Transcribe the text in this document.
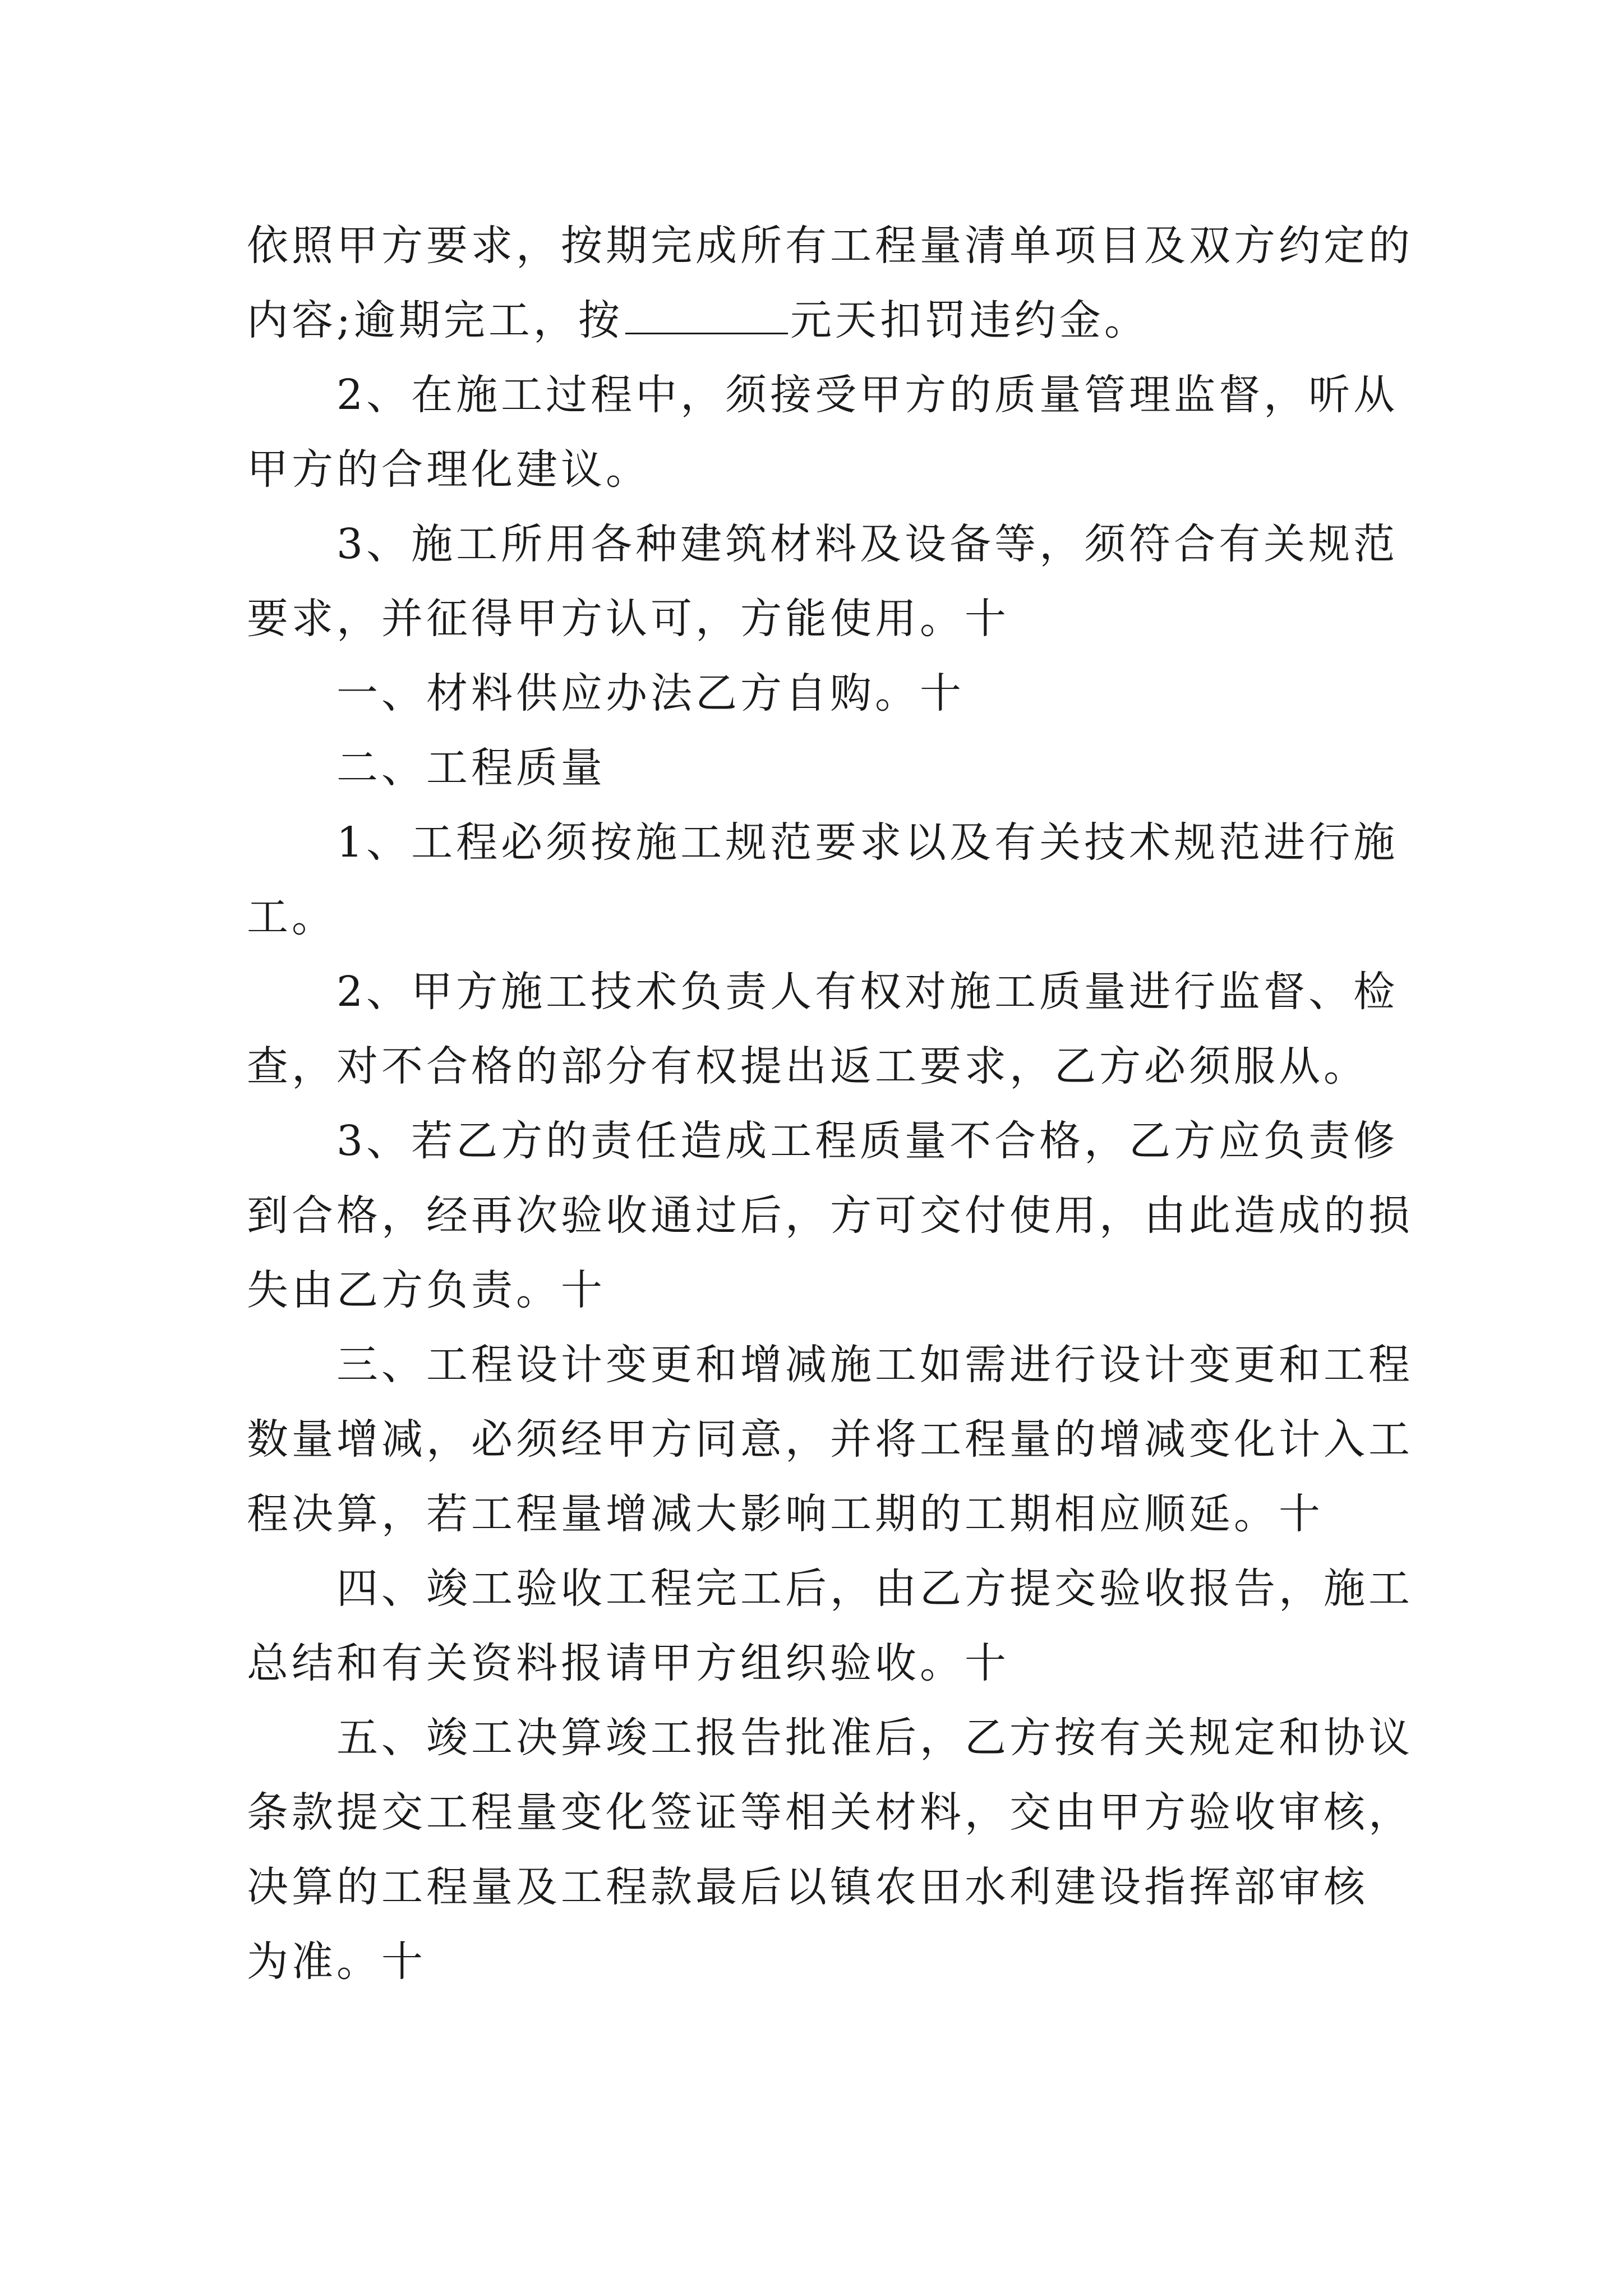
依照甲方要求，按期完成所有工程量清单项目及双方约定的
内容;逾期完工，按	元天扣罚违约金。

2、在施工过程中，须接受甲方的质量管理监督，听从
甲方的合理化建议。

3、施工所用各种建筑材料及设备等，须符合有关规范
要求，并征得甲方认可，方能使用。十

一、材料供应办法乙方自购。十

二、工程质量

1、工程必须按施工规范要求以及有关技术规范进行施
工。

2、甲方施工技术负责人有权对施工质量进行监督、检
查，对不合格的部分有权提出返工要求，乙方必须服从。

3、若乙方的责任造成工程质量不合格，乙方应负责修
到合格，经再次验收通过后，方可交付使用，由此造成的损
失由乙方负责。十

三、工程设计变更和增减施工如需进行设计变更和工程
数量增减，必须经甲方同意，并将工程量的增减变化计入工
程决算，若工程量增减大影响工期的工期相应顺延。十

四、竣工验收工程完工后，由乙方提交验收报告，施工
总结和有关资料报请甲方组织验收。十

五、竣工决算竣工报告批准后，乙方按有关规定和协议
条款提交工程量变化签证等相关材料，交由甲方验收审核，
决算的工程量及工程款最后以镇农田水利建设指挥部审核
为准。十
